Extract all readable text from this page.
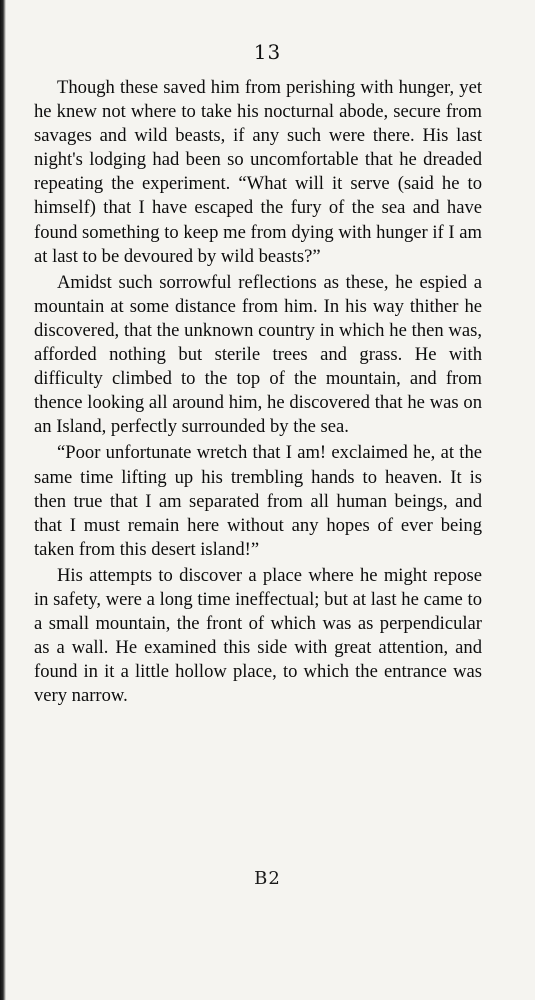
13

Though these saved him from perishing with hunger, yet he knew not where to take his nocturnal abode, secure from savages and wild beasts, if any such were there. His last night's lodging had been so uncomfortable that he dreaded repeating the experiment. “What will it serve (said he to himself) that I have escaped the fury of the sea and have found something to keep me from dying with hunger if I am at last to be devoured by wild beasts?”

Amidst such sorrowful reflections as these, he espied a mountain at some distance from him. In his way thither he discovered, that the unknown country in which he then was, afforded nothing but sterile trees and grass. He with difficulty climbed to the top of the mountain, and from thence looking all around him, he discovered that he was on an Island, perfectly surrounded by the sea.

“Poor unfortunate wretch that I am! exclaimed he, at the same time lifting up his trembling hands to heaven. It is then true that I am separated from all human beings, and that I must remain here without any hopes of ever being taken from this desert island!”

His attempts to discover a place where he might repose in safety, were a long time ineffectual; but at last he came to a small mountain, the front of which was as perpendicular as a wall. He examined this side with great attention, and found in it a little hollow place, to which the entrance was very narrow.

B2
